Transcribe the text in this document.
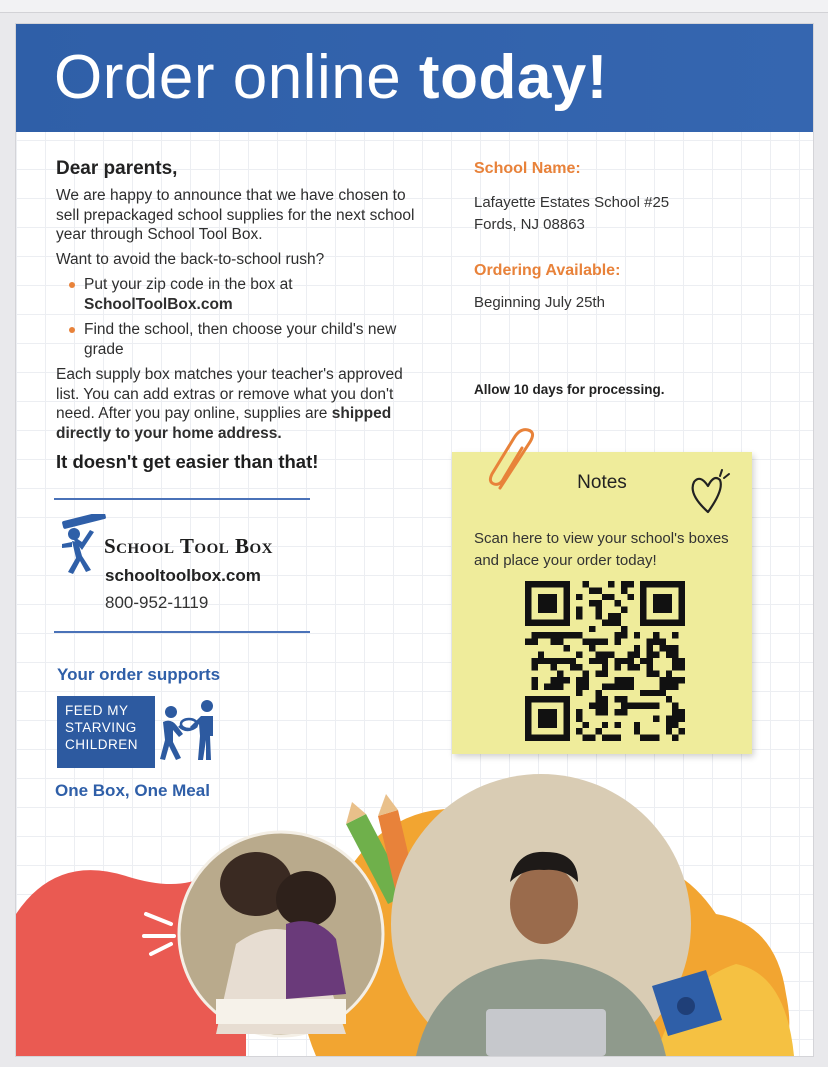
Order online today!
Dear parents,

We are happy to announce that we have chosen to sell prepackaged school supplies for the next school year through School Tool Box.

Want to avoid the back-to-school rush?

Put your zip code in the box at
SchoolToolBox.com
Find the school, then choose your child's new grade

Each supply box matches your teacher's approved list. You can add extras or remove what you don't need. After you pay online, supplies are shipped directly to your home address.

It doesn't get easier than that!
School Tool Box
schooltoolbox.com
800-952-1119
Your order supports
FEED MY
STARVING
CHILDREN
One Box, One Meal
School Name:
Lafayette Estates School #25
Fords, NJ 08863
Ordering Available:
Beginning July 25th
Allow 10 days for processing.
Notes
Scan here to view your school's boxes and place your order today!
